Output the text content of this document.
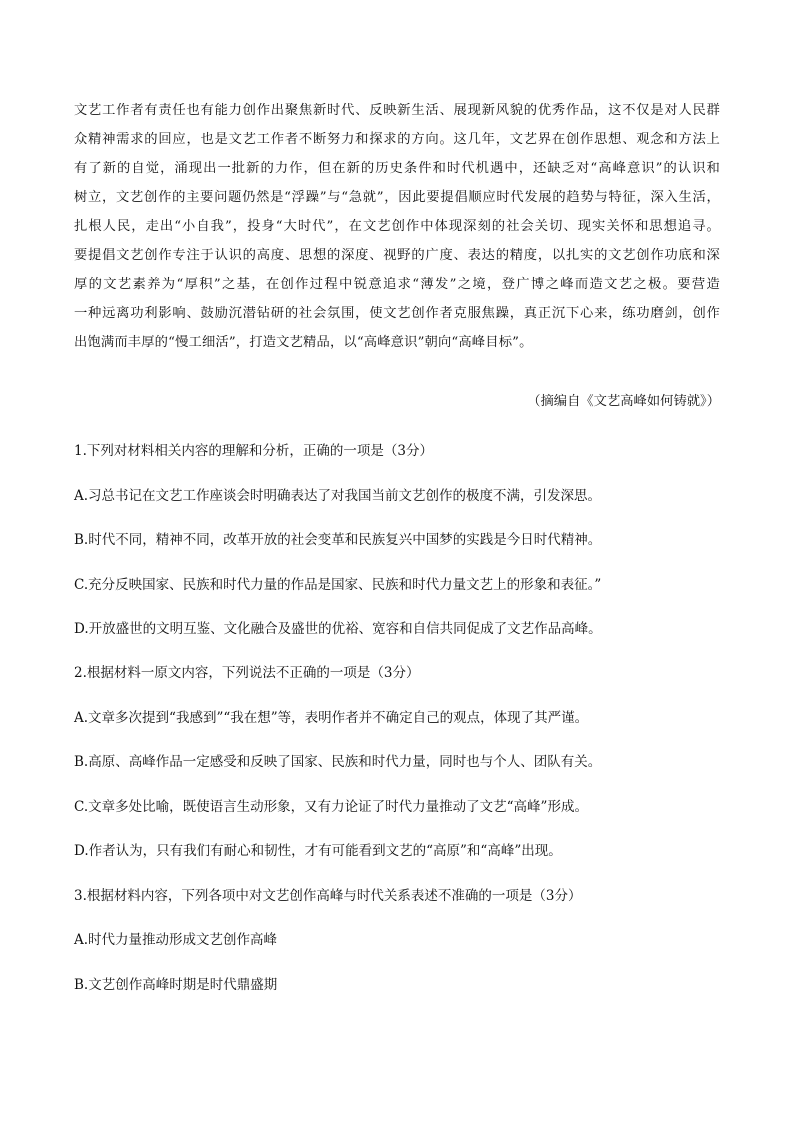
文艺工作者有责任也有能力创作出聚焦新时代、反映新生活、展现新风貌的优秀作品，这不仅是对人民群
众精神需求的回应，也是文艺工作者不断努力和探求的方向。这几年，文艺界在创作思想、观念和方法上
有了新的自觉，涌现出一批新的力作，但在新的历史条件和时代机遇中，还缺乏对“高峰意识”的认识和
树立，文艺创作的主要问题仍然是“浮躁”与“急就”，因此要提倡顺应时代发展的趋势与特征，深入生活，
扎根人民，走出“小自我”，投身“大时代”，在文艺创作中体现深刻的社会关切、现实关怀和思想追寻。
要提倡文艺创作专注于认识的高度、思想的深度、视野的广度、表达的精度，以扎实的文艺创作功底和深
厚的文艺素养为“厚积”之基，在创作过程中锐意追求“薄发”之境，登广博之峰而造文艺之极。要营造
一种远离功利影响、鼓励沉潜钻研的社会氛围，使文艺创作者克服焦躁，真正沉下心来，练功磨剑，创作
出饱满而丰厚的“慢工细活”，打造文艺精品，以“高峰意识”朝向“高峰目标”。
（摘编自《文艺高峰如何铸就》）
1.下列对材料相关内容的理解和分析，正确的一项是（3分）
A.习总书记在文艺工作座谈会时明确表达了对我国当前文艺创作的极度不满，引发深思。
B.时代不同，精神不同，改革开放的社会变革和民族复兴中国梦的实践是今日时代精神。
C.充分反映国家、民族和时代力量的作品是国家、民族和时代力量文艺上的形象和表征。”
D.开放盛世的文明互鉴、文化融合及盛世的优裕、宽容和自信共同促成了文艺作品高峰。
2.根据材料一原文内容，下列说法不正确的一项是（3分）
A.文章多次提到“我感到”“我在想”等，表明作者并不确定自己的观点，体现了其严谨。
B.高原、高峰作品一定感受和反映了国家、民族和时代力量，同时也与个人、团队有关。
C.文章多处比喻，既使语言生动形象，又有力论证了时代力量推动了文艺“高峰”形成。
D.作者认为，只有我们有耐心和韧性，才有可能看到文艺的“高原”和“高峰”出现。
3.根据材料内容，下列各项中对文艺创作高峰与时代关系表述不准确的一项是（3分）
A.时代力量推动形成文艺创作高峰
B.文艺创作高峰时期是时代鼎盛期
